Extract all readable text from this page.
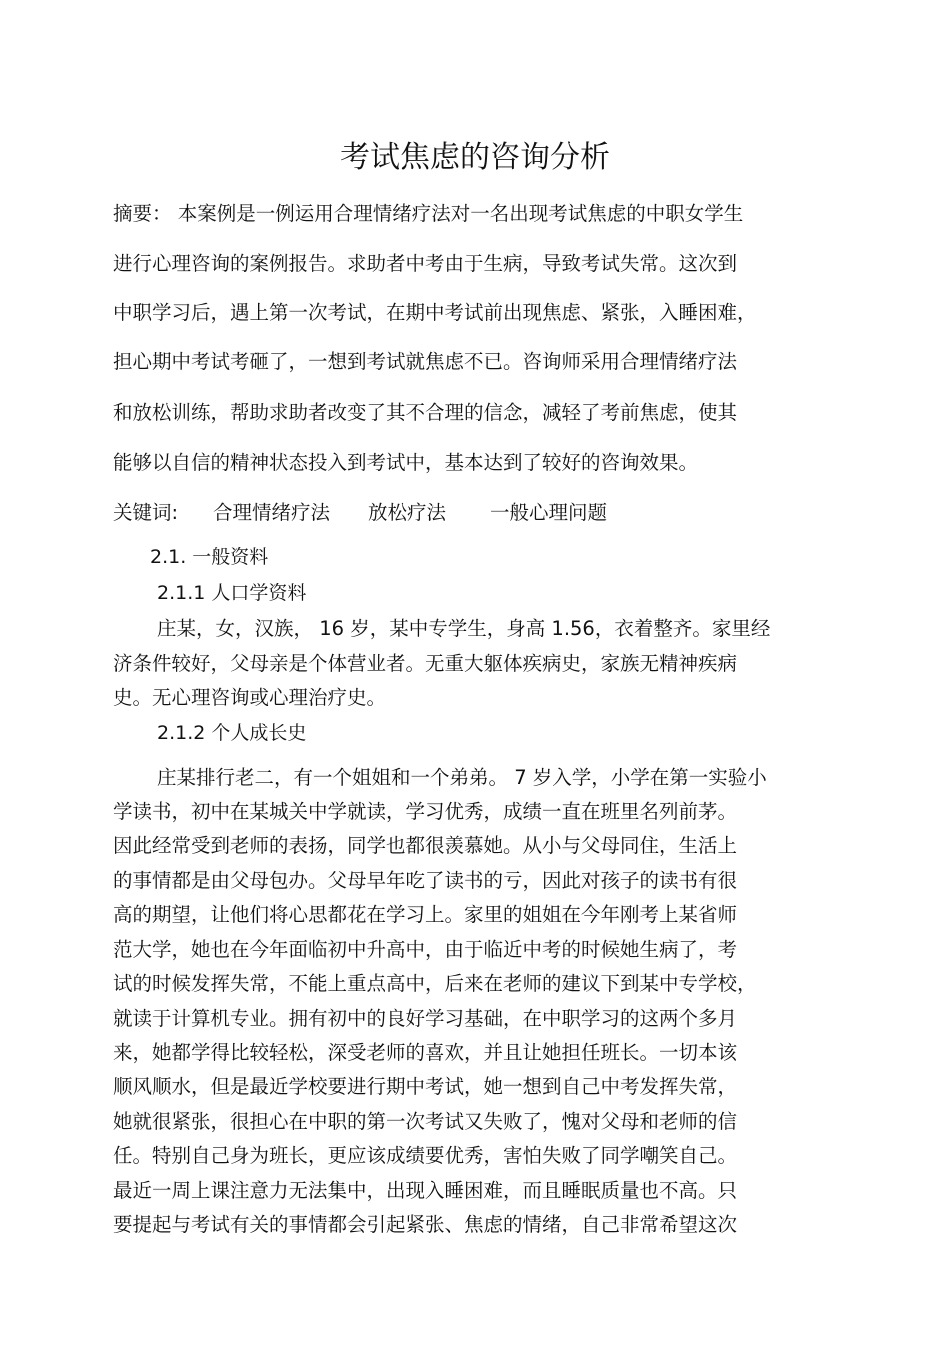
考试焦虑的咨询分析
摘要： 本案例是一例运用合理情绪疗法对一名出现考试焦虑的中职女学生
进行心理咨询的案例报告。求助者中考由于生病，导致考试失常。这次到
中职学习后，遇上第一次考试，在期中考试前出现焦虑、紧张，入睡困难，
担心期中考试考砸了，一想到考试就焦虑不已。咨询师采用合理情绪疗法
和放松训练，帮助求助者改变了其不合理的信念，减轻了考前焦虑，使其
能够以自信的精神状态投入到考试中，基本达到了较好的咨询效果。
关键词: 合理情绪疗法 放松疗法 一般心理问题
2.1. 一般资料
2.1.1 人口学资料
庄某，女，汉族， 16 岁，某中专学生，身高 1.56，衣着整齐。家里经
济条件较好，父母亲是个体营业者。无重大躯体疾病史，家族无精神疾病
史。无心理咨询或心理治疗史。
2.1.2 个人成长史
庄某排行老二，有一个姐姐和一个弟弟。 7 岁入学，小学在第一实验小
学读书，初中在某城关中学就读，学习优秀，成绩一直在班里名列前茅。
因此经常受到老师的表扬，同学也都很羡慕她。从小与父母同住，生活上
的事情都是由父母包办。父母早年吃了读书的亏，因此对孩子的读书有很
高的期望，让他们将心思都花在学习上。家里的姐姐在今年刚考上某省师
范大学，她也在今年面临初中升高中，由于临近中考的时候她生病了，考
试的时候发挥失常，不能上重点高中，后来在老师的建议下到某中专学校，
就读于计算机专业。拥有初中的良好学习基础，在中职学习的这两个多月
来，她都学得比较轻松，深受老师的喜欢，并且让她担任班长。一切本该
顺风顺水，但是最近学校要进行期中考试，她一想到自己中考发挥失常，
她就很紧张，很担心在中职的第一次考试又失败了，愧对父母和老师的信
任。特别自己身为班长，更应该成绩要优秀，害怕失败了同学嘲笑自己。
最近一周上课注意力无法集中，出现入睡困难，而且睡眠质量也不高。只
要提起与考试有关的事情都会引起紧张、焦虑的情绪，自己非常希望这次
